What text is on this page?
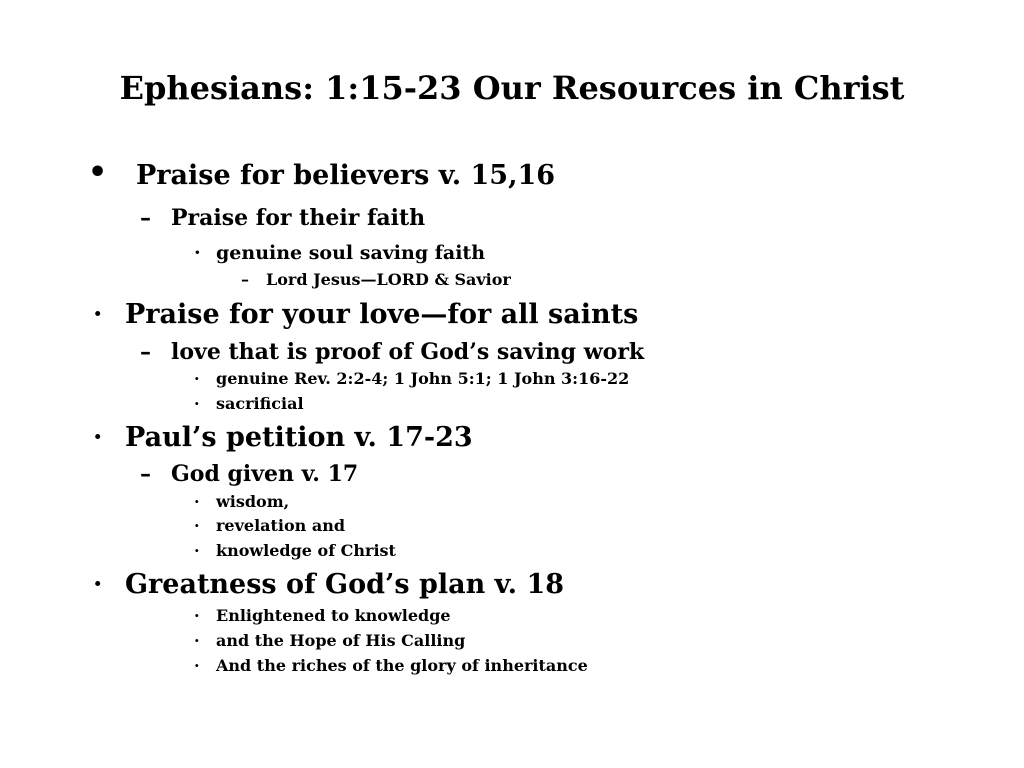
Ephesians: 1:15-23 Our Resources in Christ
• Praise for believers v. 15,16
– Praise for their faith
· genuine soul saving faith
– Lord Jesus—LORD & Savior
· Praise for your love—for all saints
– love that is proof of God’s saving work
· genuine Rev. 2:2-4; 1 John 5:1; 1 John 3:16-22
· sacrificial
· Paul’s petition v. 17-23
– God given v. 17
· wisdom,
· revelation and
· knowledge of Christ
· Greatness of God’s plan v. 18
· Enlightened to knowledge
· and the Hope of His Calling
· And the riches of the glory of inheritance
